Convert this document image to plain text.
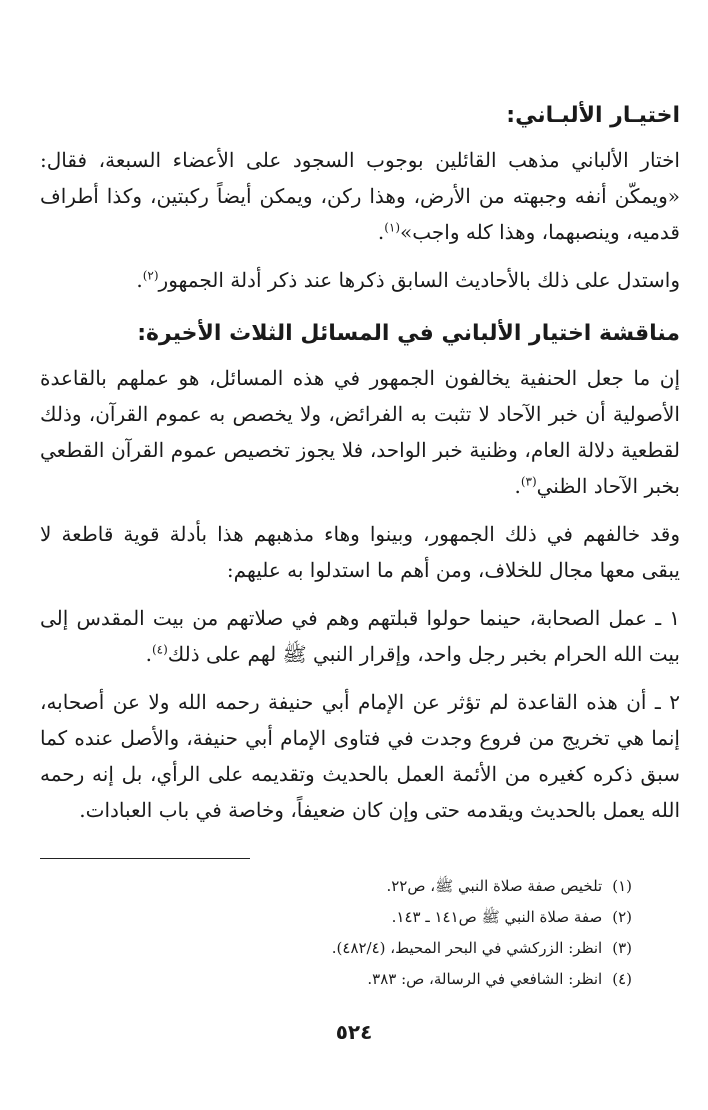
اختيـار الألبـاني:

اختار الألباني مذهب القائلين بوجوب السجود على الأعضاء السبعة، فقال: «ويمكّن أنفه وجبهته من الأرض، وهذا ركن، ويمكن أيضاً ركبتين، وكذا أطراف قدميه، وينصبهما، وهذا كله واجب»$^{(١)}$.

واستدل على ذلك بالأحاديث السابق ذكرها عند ذكر أدلة الجمهور$^{(٢)}$.

مناقشة اختيار الألباني في المسائل الثلاث الأخيرة:

إن ما جعل الحنفية يخالفون الجمهور في هذه المسائل، هو عملهم بالقاعدة الأصولية أن خبر الآحاد لا تثبت به الفرائض، ولا يخصص به عموم القرآن، وذلك لقطعية دلالة العام، وظنية خبر الواحد، فلا يجوز تخصيص عموم القرآن القطعي بخبر الآحاد الظني$^{(٣)}$.

وقد خالفهم في ذلك الجمهور، وبينوا وهاء مذهبهم هذا بأدلة قوية قاطعة لا يبقى معها مجال للخلاف، ومن أهم ما استدلوا به عليهم:

١ ـ عمل الصحابة، حينما حولوا قبلتهم وهم في صلاتهم من بيت المقدس إلى بيت الله الحرام بخبر رجل واحد، وإقرار النبي ﷺ لهم على ذلك$^{(٤)}$.

٢ ـ أن هذه القاعدة لم تؤثر عن الإمام أبي حنيفة رحمه الله ولا عن أصحابه، إنما هي تخريج من فروع وجدت في فتاوى الإمام أبي حنيفة، والأصل عنده كما سبق ذكره كغيره من الأئمة العمل بالحديث وتقديمه على الرأي، بل إنه رحمه الله يعمل بالحديث ويقدمه حتى وإن كان ضعيفاً، وخاصة في باب العبادات.

(١)تلخيص صفة صلاة النبي ﷺ، ص٢٢.
(٢)صفة صلاة النبي ﷺ ص١٤١ ـ ١٤٣.
(٣)انظر: الزركشي في البحر المحيط، (٤٨٢/٤).
(٤)انظر: الشافعي في الرسالة، ص: ٣٨٣.
٥٢٤
